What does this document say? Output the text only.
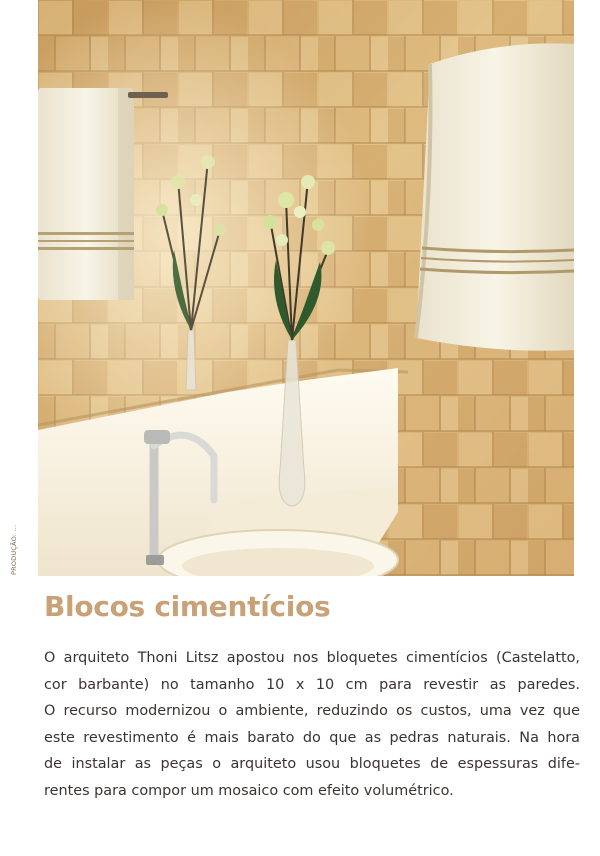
PRODUÇÃO: ...
Blocos cimentícios
O arquiteto Thoni Litsz apostou nos bloquetes cimentícios (Castelatto,
cor barbante) no tamanho 10 x 10 cm para revestir as paredes.
O recurso modernizou o ambiente, reduzindo os custos, uma vez que
este revestimento é mais barato do que as pedras naturais. Na hora
de instalar as peças o arquiteto usou bloquetes de espessuras dife-
rentes para compor um mosaico com efeito volumétrico.
